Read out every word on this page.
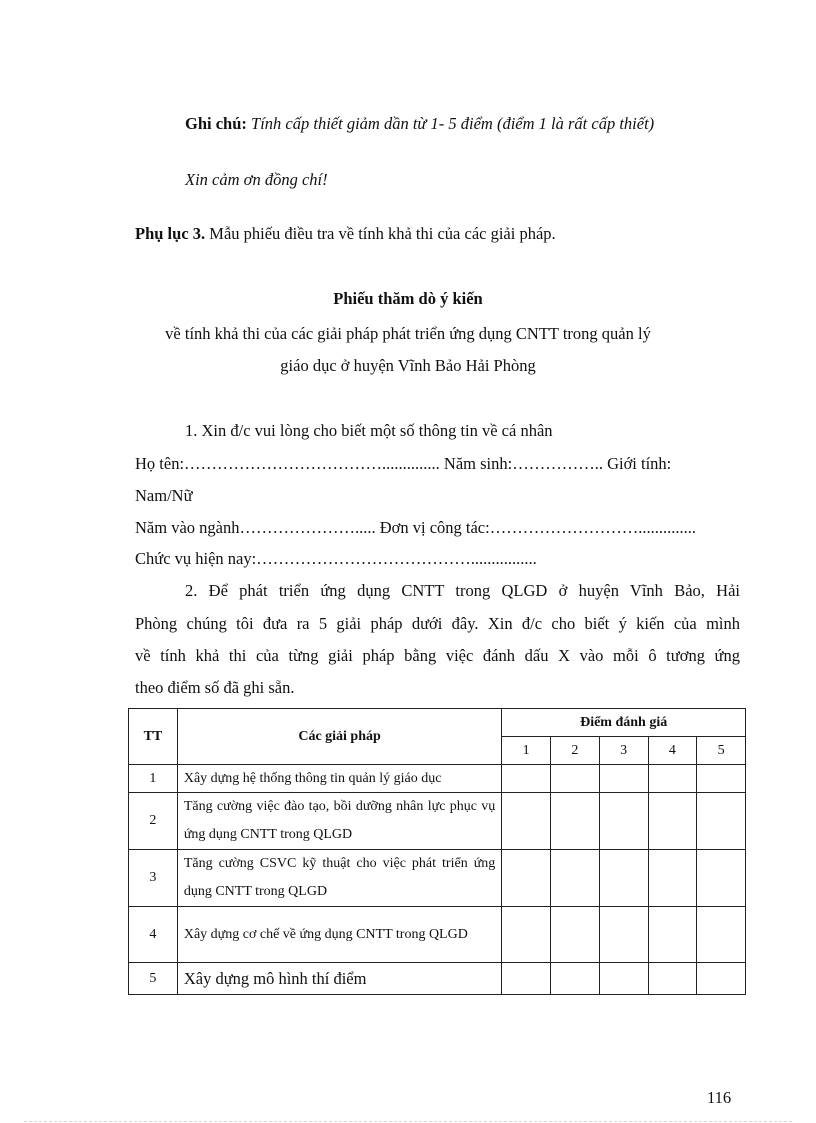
Ghi chú: Tính cấp thiết giảm dần từ 1- 5 điểm (điểm 1 là rất cấp thiết)
Xin cảm ơn đồng chí!
Phụ lục 3. Mẫu phiếu điều tra về tính khả thi của các giải pháp.
Phiếu thăm dò ý kiến
về tính khả thi của các giải pháp phát triển ứng dụng CNTT trong quản lý
giáo dục ở huyện Vĩnh Bảo Hải Phòng
1. Xin đ/c vui lòng cho biết một số thông tin về cá nhân
Họ tên:……………………………….............. Năm sinh:…………….. Giới tính:
Nam/Nữ
Năm vào ngành…………………..... Đơn vị công tác:………………………..............
Chức vụ hiện nay:…………………………………................
2. Để phát triển ứng dụng CNTT trong QLGD ở huyện Vĩnh Bảo, Hải
Phòng chúng tôi đưa ra 5 giải pháp dưới đây. Xin đ/c cho biết ý kiến của mình
về tính khả thi của từng giải pháp bằng việc đánh dấu X vào mỗi ô tương ứng
theo điểm số đã ghi sẵn.
TT	Các giải pháp	Điểm đánh giá				
		1	2	3	4	5
1	Xây dựng hệ thống thông tin quản lý giáo dục					
2	Tăng cường việc đào tạo, bồi dưỡng nhân lực phục vụ ứng dụng CNTT trong QLGD					
3	Tăng cường CSVC kỹ thuật cho việc phát triển ứng dụng CNTT trong QLGD					
4	Xây dựng cơ chế về ứng dụng CNTT trong QLGD					
5	Xây dựng mô hình thí điểm					
116
